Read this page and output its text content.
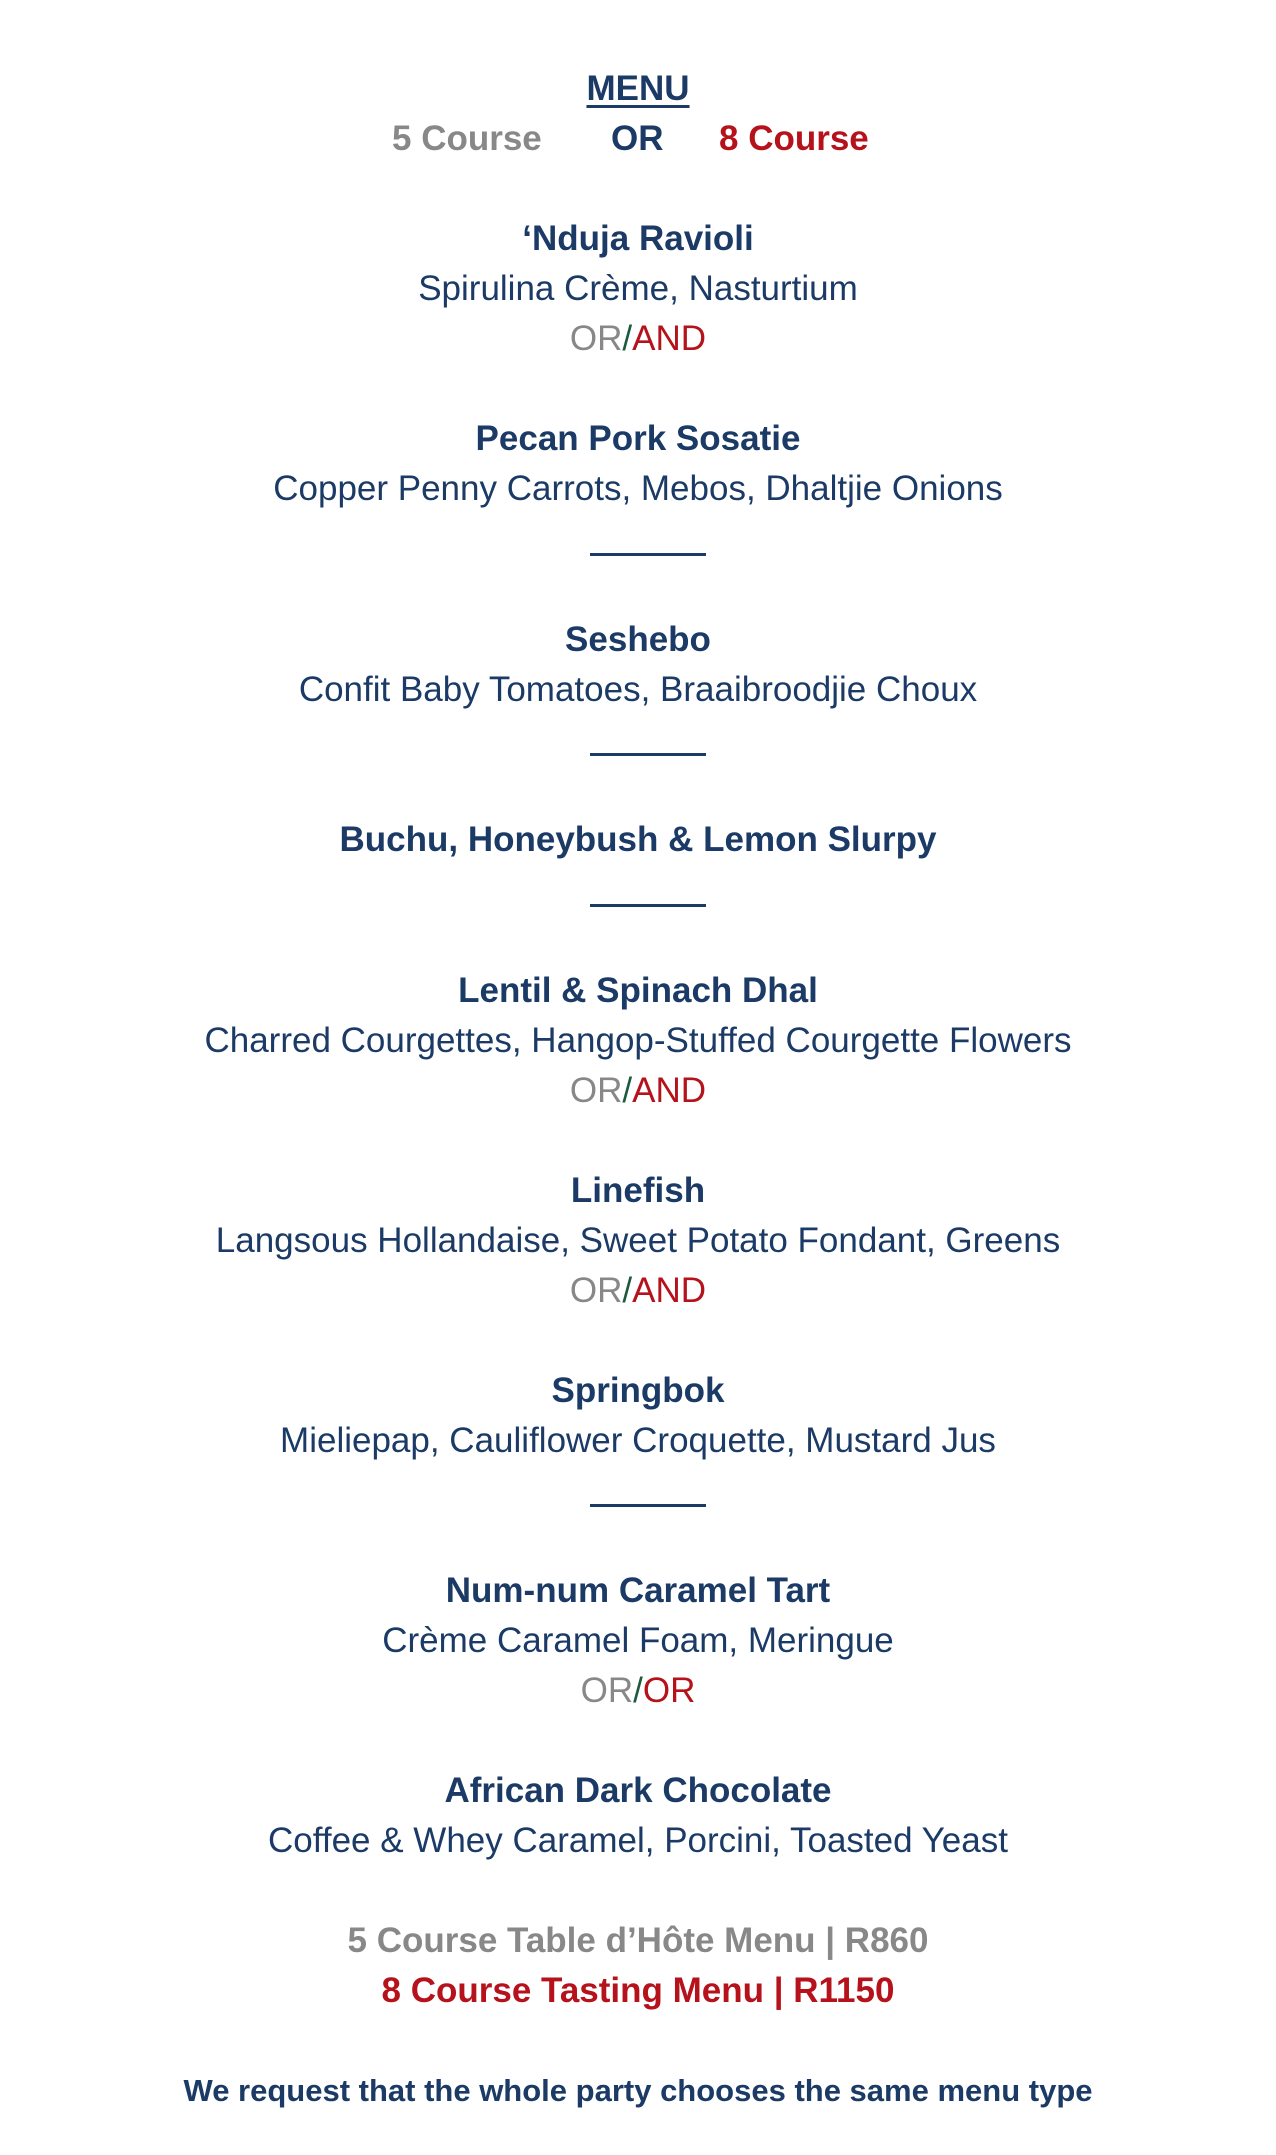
MENU
5 Course OR 8 Course
‘Nduja Ravioli
Spirulina Crème, Nasturtium
OR/AND
Pecan Pork Sosatie
Copper Penny Carrots, Mebos, Dhaltjie Onions
Seshebo
Confit Baby Tomatoes, Braaibroodjie Choux
Buchu, Honeybush & Lemon Slurpy
Lentil & Spinach Dhal
Charred Courgettes, Hangop-Stuffed Courgette Flowers
OR/AND
Linefish
Langsous Hollandaise, Sweet Potato Fondant, Greens
OR/AND
Springbok
Mieliepap, Cauliflower Croquette, Mustard Jus
Num-num Caramel Tart
Crème Caramel Foam, Meringue
OR/OR
African Dark Chocolate
Coffee & Whey Caramel, Porcini, Toasted Yeast
5 Course Table d’Hôte Menu | R860
8 Course Tasting Menu | R1150
We request that the whole party chooses the same menu type
